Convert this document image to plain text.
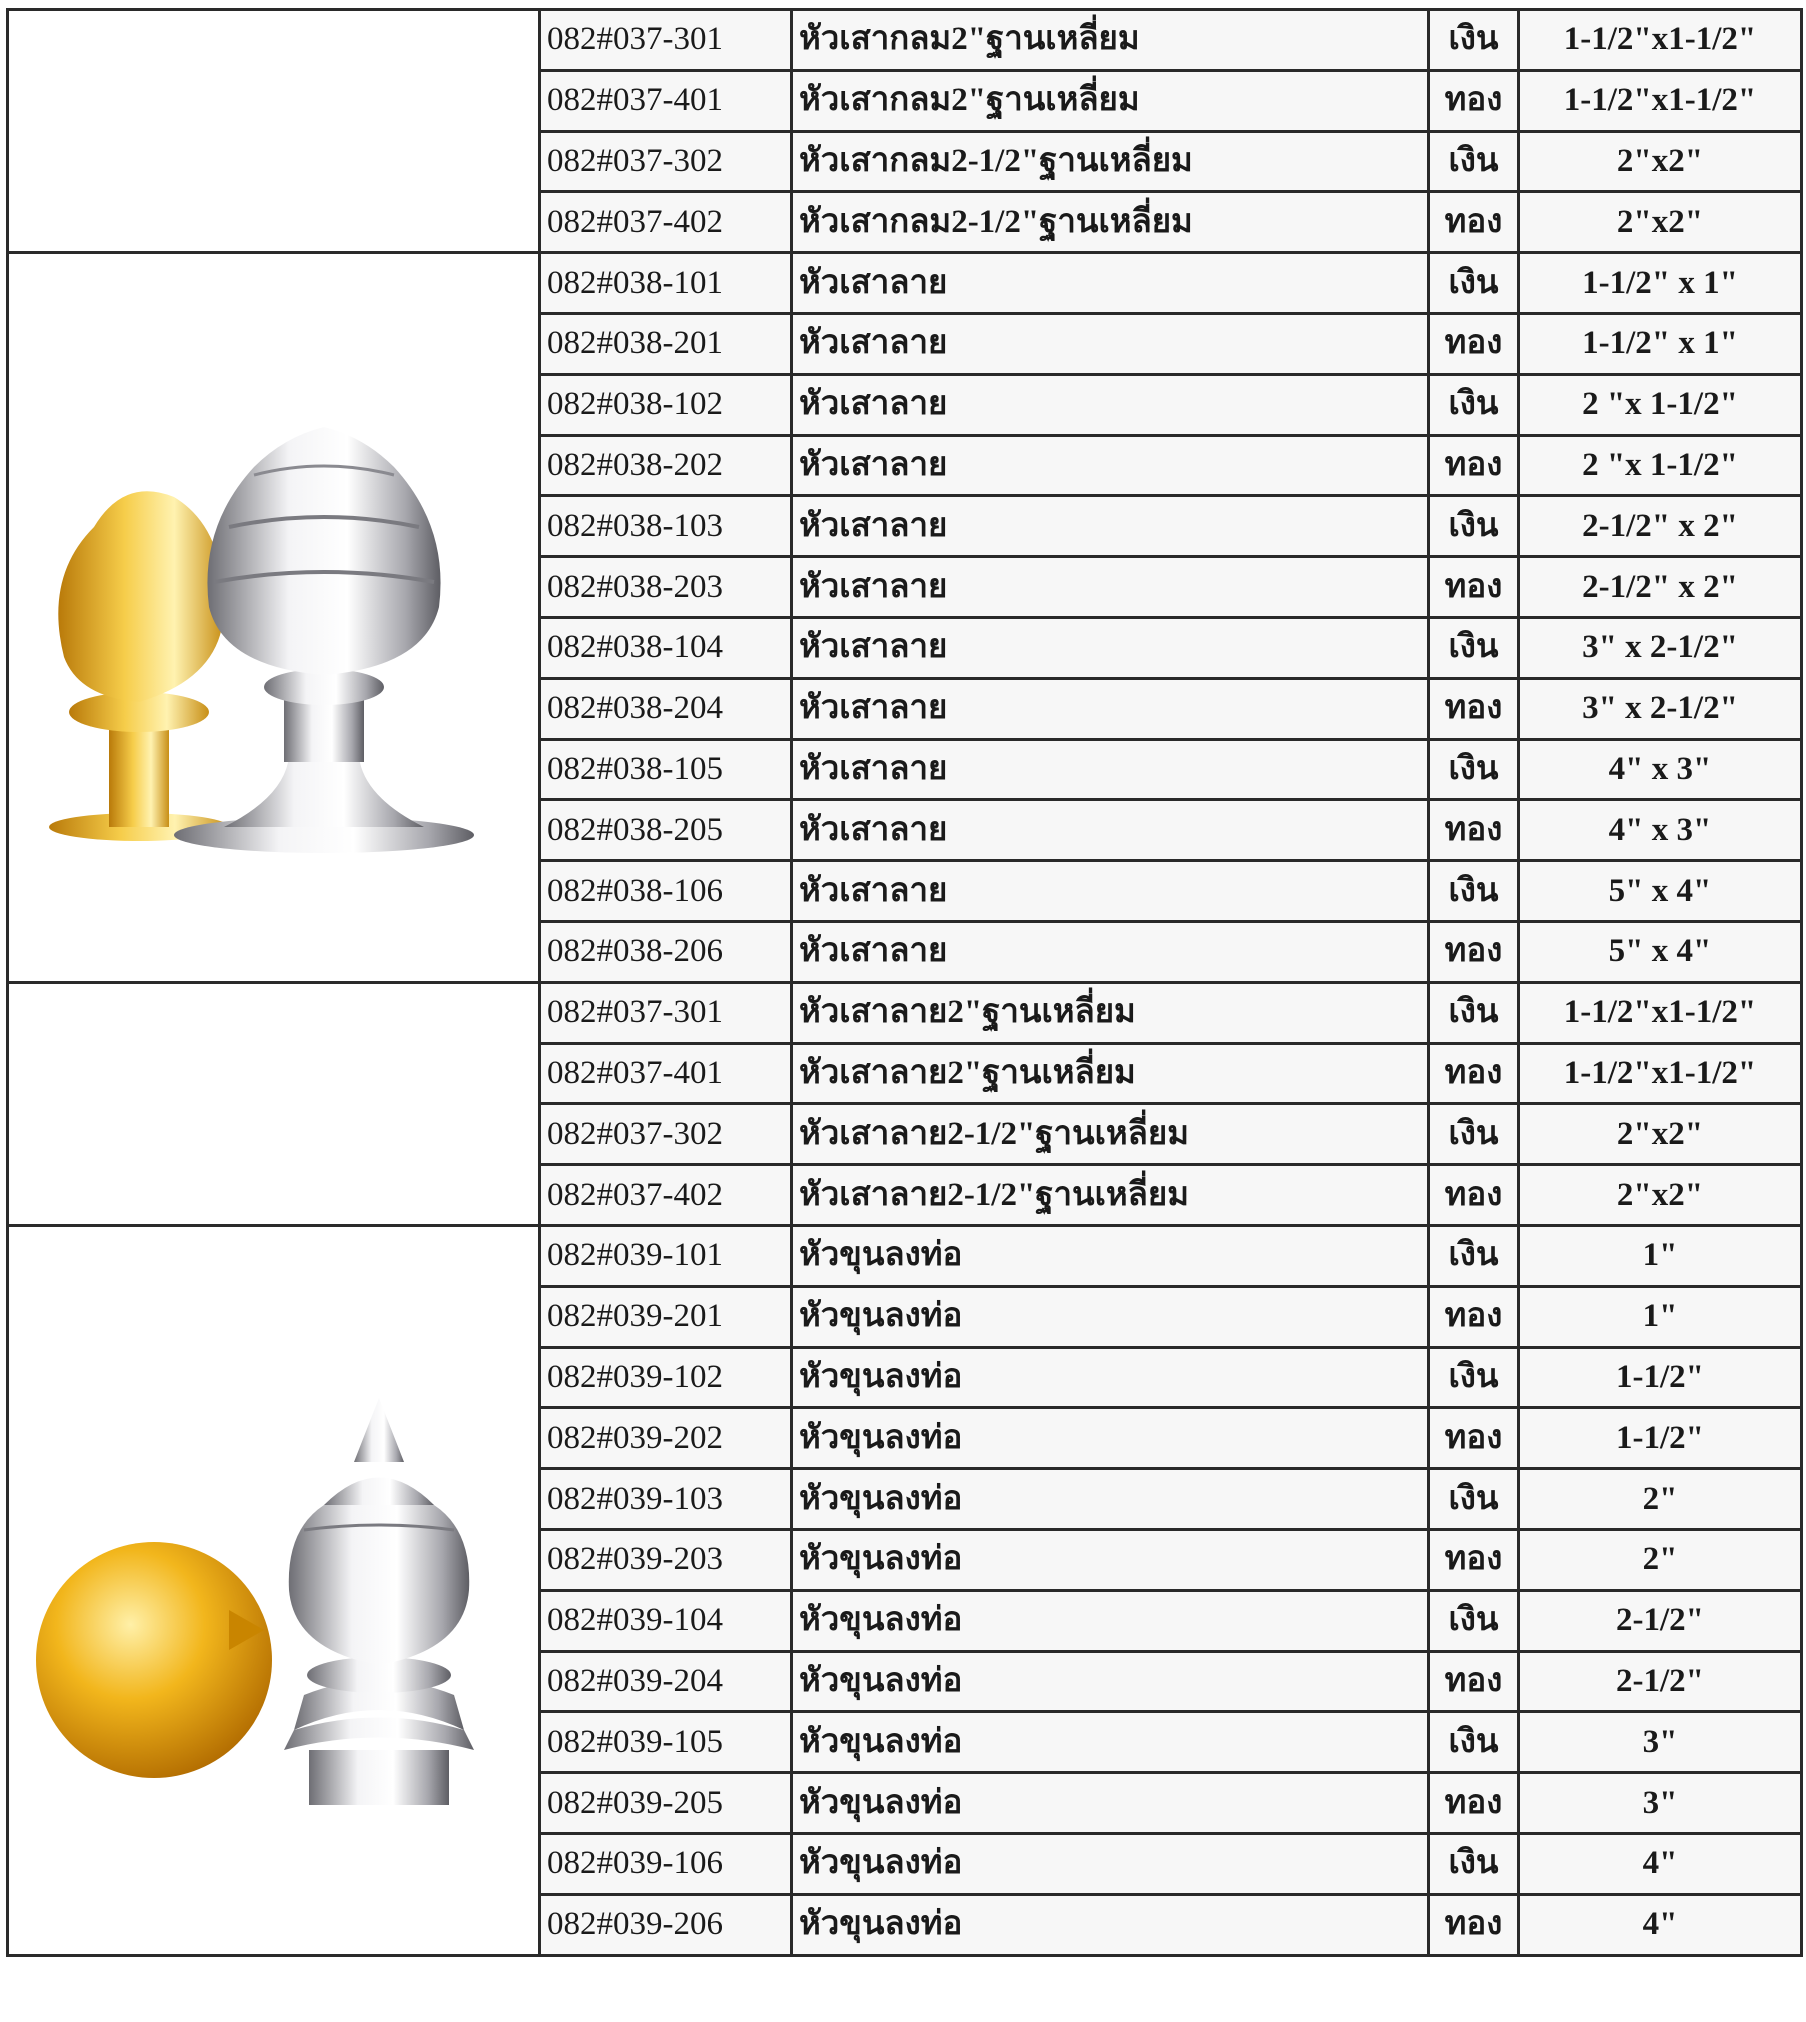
	082#037-301	หัวเสากลม2"ฐานเหลี่ยม	เงิน	1-1/2"x1-1/2"
	082#037-401	หัวเสากลม2"ฐานเหลี่ยม	ทอง	1-1/2"x1-1/2"
	082#037-302	หัวเสากลม2-1/2"ฐานเหลี่ยม	เงิน	2"x2"
	082#037-402	หัวเสากลม2-1/2"ฐานเหลี่ยม	ทอง	2"x2"

	082#038-101	หัวเสาลาย	เงิน	1-1/2" x 1"
	082#038-201	หัวเสาลาย	ทอง	1-1/2" x 1"
	082#038-102	หัวเสาลาย	เงิน	2 "x 1-1/2"
	082#038-202	หัวเสาลาย	ทอง	2 "x 1-1/2"
	082#038-103	หัวเสาลาย	เงิน	2-1/2" x 2"
	082#038-203	หัวเสาลาย	ทอง	2-1/2" x 2"
	082#038-104	หัวเสาลาย	เงิน	3" x 2-1/2"
	082#038-204	หัวเสาลาย	ทอง	3" x 2-1/2"
	082#038-105	หัวเสาลาย	เงิน	4" x 3"
	082#038-205	หัวเสาลาย	ทอง	4" x 3"
	082#038-106	หัวเสาลาย	เงิน	5" x 4"
	082#038-206	หัวเสาลาย	ทอง	5" x 4"
	082#037-301	หัวเสาลาย2"ฐานเหลี่ยม	เงิน	1-1/2"x1-1/2"
	082#037-401	หัวเสาลาย2"ฐานเหลี่ยม	ทอง	1-1/2"x1-1/2"
	082#037-302	หัวเสาลาย2-1/2"ฐานเหลี่ยม	เงิน	2"x2"
	082#037-402	หัวเสาลาย2-1/2"ฐานเหลี่ยม	ทอง	2"x2"

	082#039-101	หัวขุนลงท่อ	เงิน	1"
	082#039-201	หัวขุนลงท่อ	ทอง	1"
	082#039-102	หัวขุนลงท่อ	เงิน	1-1/2"
	082#039-202	หัวขุนลงท่อ	ทอง	1-1/2"
	082#039-103	หัวขุนลงท่อ	เงิน	2"
	082#039-203	หัวขุนลงท่อ	ทอง	2"
	082#039-104	หัวขุนลงท่อ	เงิน	2-1/2"
	082#039-204	หัวขุนลงท่อ	ทอง	2-1/2"
	082#039-105	หัวขุนลงท่อ	เงิน	3"
	082#039-205	หัวขุนลงท่อ	ทอง	3"
	082#039-106	หัวขุนลงท่อ	เงิน	4"
	082#039-206	หัวขุนลงท่อ	ทอง	4"
